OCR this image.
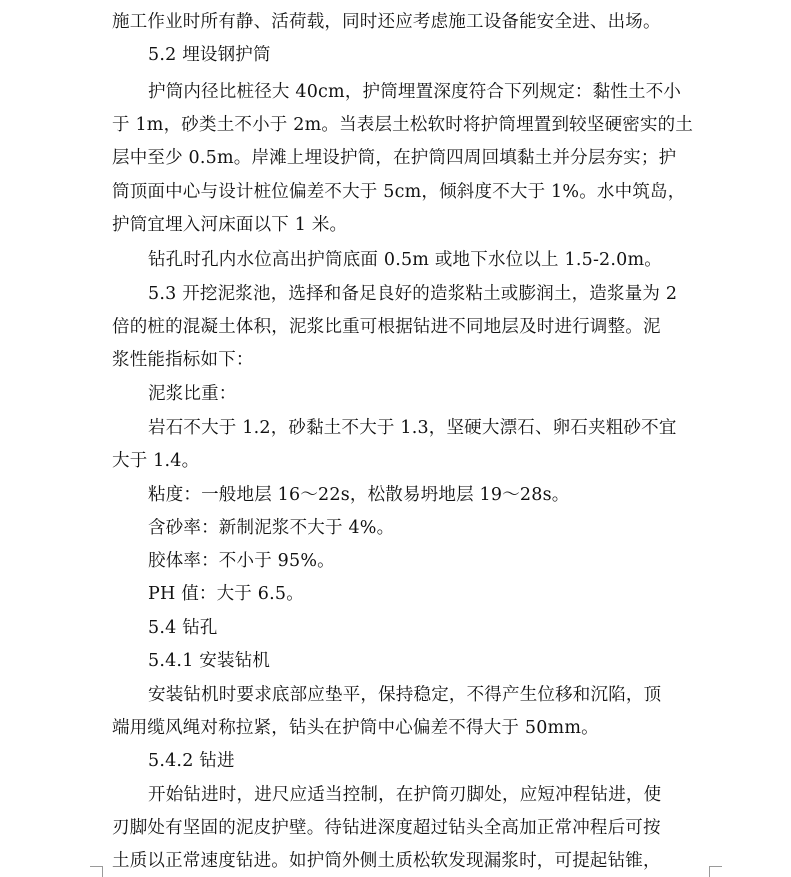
施工作业时所有静、活荷载，同时还应考虑施工设备能安全进、出场。
5.2 埋设钢护筒
护筒内径比桩径大 40cm，护筒埋置深度符合下列规定：黏性土不小
于 1m，砂类土不小于 2m。当表层土松软时将护筒埋置到较坚硬密实的土
层中至少 0.5m。岸滩上埋设护筒，在护筒四周回填黏土并分层夯实；护
筒顶面中心与设计桩位偏差不大于 5cm，倾斜度不大于 1%。水中筑岛，
护筒宜埋入河床面以下 1 米。
钻孔时孔内水位高出护筒底面 0.5m 或地下水位以上 1.5-2.0m。
5.3 开挖泥浆池，选择和备足良好的造浆粘土或膨润土，造浆量为 2
倍的桩的混凝土体积，泥浆比重可根据钻进不同地层及时进行调整。泥
浆性能指标如下：
泥浆比重：
岩石不大于 1.2，砂黏土不大于 1.3，坚硬大漂石、卵石夹粗砂不宜
大于 1.4。
粘度：一般地层 16～22s，松散易坍地层 19～28s。
含砂率：新制泥浆不大于 4%。
胶体率：不小于 95%。
PH 值：大于 6.5。
5.4 钻孔
5.4.1 安装钻机
安装钻机时要求底部应垫平，保持稳定，不得产生位移和沉陷，顶
端用缆风绳对称拉紧，钻头在护筒中心偏差不得大于 50mm。
5.4.2 钻进
开始钻进时，进尺应适当控制，在护筒刃脚处，应短冲程钻进，使
刃脚处有坚固的泥皮护壁。待钻进深度超过钻头全高加正常冲程后可按
土质以正常速度钻进。如护筒外侧土质松软发现漏浆时，可提起钻锥，
